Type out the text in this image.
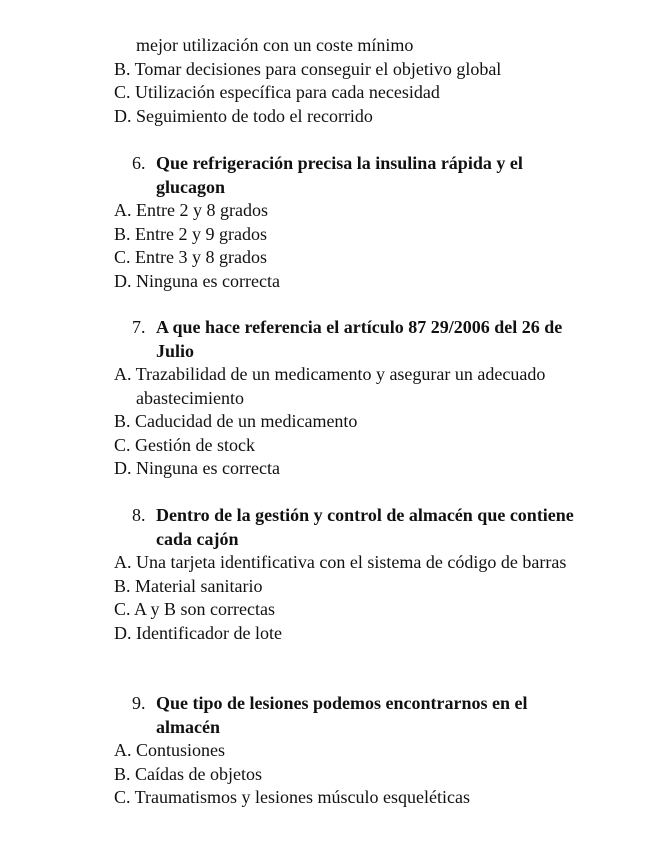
mejor utilización con un coste mínimo
B. Tomar decisiones para conseguir el objetivo global
C. Utilización específica para cada necesidad
D. Seguimiento de todo el recorrido
6. Que refrigeración precisa la insulina rápida y el glucagon
A. Entre 2 y 8 grados
B. Entre 2 y 9 grados
C. Entre 3 y 8 grados
D. Ninguna es correcta
7. A que hace referencia el artículo 87 29/2006 del 26 de Julio
A. Trazabilidad de un medicamento y asegurar un adecuado abastecimiento
B. Caducidad de un medicamento
C. Gestión de stock
D. Ninguna es correcta
8. Dentro de la gestión y control de almacén que contiene cada cajón
A. Una tarjeta identificativa con el sistema de código de barras
B. Material sanitario
C. A y B son correctas
D. Identificador de lote
9. Que tipo de lesiones podemos encontrarnos en el almacén
A. Contusiones
B. Caídas de objetos
C. Traumatismos y lesiones músculo esqueléticas
